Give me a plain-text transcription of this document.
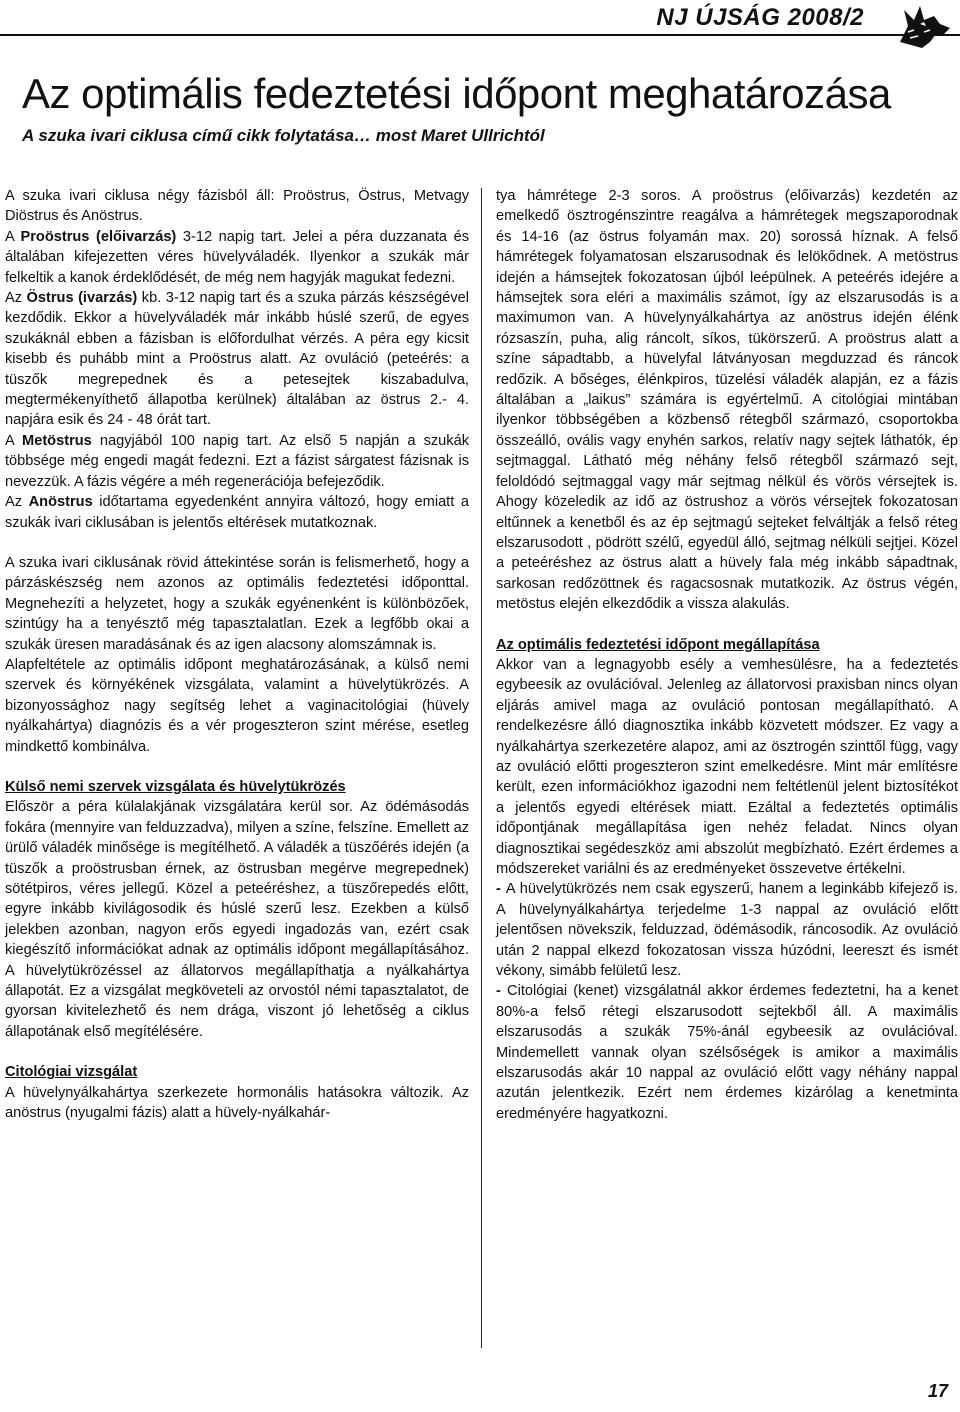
NJ ÚJSÁG 2008/2
Az optimális fedeztetési időpont meghatározása

A szuka ivari ciklusa című cikk folytatása… most Maret Ullrichtól

A szuka ivari ciklusa négy fázisból áll: Proöstrus, Östrus, Metvagy Diöstrus és Anöstrus.

A Proöstrus (előivarzás) 3-12 napig tart. Jelei a péra duzzanata és általában kifejezetten véres hüvelyváladék. Ilyenkor a szukák már felkeltik a kanok érdeklődését, de még nem hagyják magukat fedezni.

Az Östrus (ivarzás) kb. 3-12 napig tart és a szuka párzás készségével kezdődik. Ekkor a hüvelyváladék már inkább húslé szerű, de egyes szukáknál ebben a fázisban is előfordulhat vérzés. A péra egy kicsit kisebb és puhább mint a Proöstrus alatt. Az ovuláció (peteérés: a tüszők megrepednek és a petesejtek kiszabadulva, megtermékenyíthető állapotba kerülnek) általában az östrus 2.- 4. napjára esik és 24 - 48 órát tart.

A Metöstrus nagyjából 100 napig tart. Az első 5 napján a szukák többsége még engedi magát fedezni. Ezt a fázist sárgatest fázisnak is nevezzük. A fázis végére a méh regenerációja befejeződik.

Az Anöstrus időtartama egyedenként annyira változó, hogy emiatt a szukák ivari ciklusában is jelentős eltérések mutatkoznak.

A szuka ivari ciklusának rövid áttekintése során is felismerhető, hogy a párzáskészség nem azonos az optimális fedeztetési időponttal. Megnehezíti a helyzetet, hogy a szukák egyénenként is különbözőek, szintúgy ha a tenyésztő még tapasztalatlan. Ezek a legfőbb okai a szukák üresen maradásának és az igen alacsony alomszámnak is.

Alapfeltétele az optimális időpont meghatározásának, a külső nemi szervek és környékének vizsgálata, valamint a hüvelytükrözés. A bizonyossághoz nagy segítség lehet a vaginacitológiai (hüvely nyálkahártya) diagnózis és a vér progeszteron szint mérése, esetleg mindkettő kombinálva.

Külső nemi szervek vizsgálata és hüvelytükrözés

Először a péra külalakjának vizsgálatára kerül sor. Az ödémásodás fokára (mennyire van felduzzadva), milyen a színe, felszíne. Emellett az ürülő váladék minősége is megítélhető. A váladék a tüszőérés idején (a tüszők a proöstrusban érnek, az östrusban megérve megrepednek) sötétpiros, véres jellegű. Közel a peteéréshez, a tüszőrepedés előtt, egyre inkább kivilágosodik és húslé szerű lesz. Ezekben a külső jelekben azonban, nagyon erős egyedi ingadozás van, ezért csak kiegészítő információkat adnak az optimális időpont megállapításához. A hüvelytükrözéssel az állatorvos megállapíthatja a nyálkahártya állapotát. Ez a vizsgálat megköveteli az orvostól némi tapasztalatot, de gyorsan kivitelezhető és nem drága, viszont jó lehetőség a ciklus állapotának első megítélésére.

Citológiai vizsgálat

A hüvelynyálkahártya szerkezete hormonális hatásokra változik. Az anöstrus (nyugalmi fázis) alatt a hüvely-nyálkahár-

tya hámrétege 2-3 soros. A proöstrus (előivarzás) kezdetén az emelkedő ösztrogénszintre reagálva a hámrétegek megszaporodnak és 14-16 (az östrus folyamán max. 20) sorossá híznak. A felső hámrétegek folyamatosan elszarusodnak és lelökődnek. A metöstrus idején a hámsejtek fokozatosan újból leépülnek. A peteérés idejére a hámsejtek sora eléri a maximális számot, így az elszarusodás is a maximumon van. A hüvelynyálkahártya az anöstrus idején élénk rózsaszín, puha, alig ráncolt, síkos, tükörszerű. A proöstrus alatt a színe sápadtabb, a hüvelyfal látványosan megduzzad és ráncok redőzik. A bőséges, élénkpiros, tüzelési váladék alapján, ez a fázis általában a „laikus” számára is egyértelmű. A citológiai mintában ilyenkor többségében a közbenső rétegből származó, csoportokba összeálló, ovális vagy enyhén sarkos, relatív nagy sejtek láthatók, ép sejtmaggal. Látható még néhány felső rétegből származó sejt, feloldódó sejtmaggal vagy már sejtmag nélkül és vörös vérsejtek is. Ahogy közeledik az idő az östrushoz a vörös vérsejtek fokozatosan eltűnnek a kenetből és az ép sejtmagú sejteket felváltják a felső réteg elszarusodott , pödrött szélű, egyedül álló, sejtmag nélküli sejtjei. Közel a peteéréshez az östrus alatt a hüvely fala még inkább sápadtnak, sarkosan redőzöttnek és ragacsosnak mutatkozik. Az östrus végén, metöstus elején elkezdődik a vissza alakulás.

Az optimális fedeztetési időpont megállapítása

Akkor van a legnagyobb esély a vemhesülésre, ha a fedeztetés egybeesik az ovulációval. Jelenleg az állatorvosi praxisban nincs olyan eljárás amivel maga az ovuláció pontosan megállapítható. A rendelkezésre álló diagnosztika inkább közvetett módszer. Ez vagy a nyálkahártya szerkezetére alapoz, ami az ösztrogén szinttől függ, vagy az ovuláció előtti progeszteron szint emelkedésre. Mint már említésre került, ezen információkhoz igazodni nem feltétlenül jelent biztosítékot a jelentős egyedi eltérések miatt. Ezáltal a fedeztetés optimális időpontjának megállapítása igen nehéz feladat. Nincs olyan diagnosztikai segédeszköz ami abszolút megbízható. Ezért érdemes a módszereket variálni és az eredményeket összevetve értékelni.

- A hüvelytükrözés nem csak egyszerű, hanem a leginkább kifejező is. A hüvelynyálkahártya terjedelme 1-3 nappal az ovuláció előtt jelentősen növekszik, felduzzad, ödémásodik, ráncosodik. Az ovuláció után 2 nappal elkezd fokozatosan vissza húzódni, leereszt és ismét vékony, simább felületű lesz.

- Citológiai (kenet) vizsgálatnál akkor érdemes fedeztetni, ha a kenet 80%-a felső rétegi elszarusodott sejtekből áll. A maximális elszarusodás a szukák 75%-ánál egybeesik az ovulációval. Mindemellett vannak olyan szélsőségek is amikor a maximális elszarusodás akár 10 nappal az ovuláció előtt vagy néhány nappal azután jelentkezik. Ezért nem érdemes kizárólag a kenetminta eredményére hagyatkozni.

17
